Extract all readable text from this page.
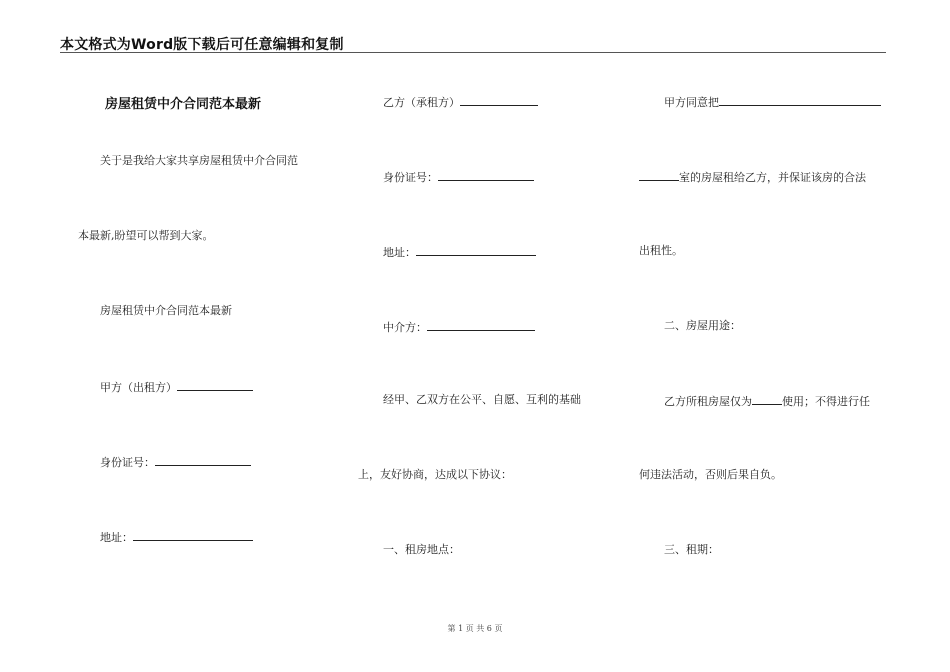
本文格式为Word版下载后可任意编辑和复制
房屋租赁中介合同范本最新
关于是我给大家共享房屋租赁中介合同范
本最新,盼望可以帮到大家。
房屋租赁中介合同范本最新
甲方（出租方）
身份证号：
地址：
乙方（承租方）
身份证号：
地址：
中介方：
经甲、乙双方在公平、自愿、互利的基础
上，友好协商，达成以下协议：
一、租房地点：
甲方同意把
室的房屋租给乙方，并保证该房的合法
出租性。
二、房屋用途：
乙方所租房屋仅为	使用；不得进行任
何违法活动，否则后果自负。
三、租期：
第 1 页 共 6 页
